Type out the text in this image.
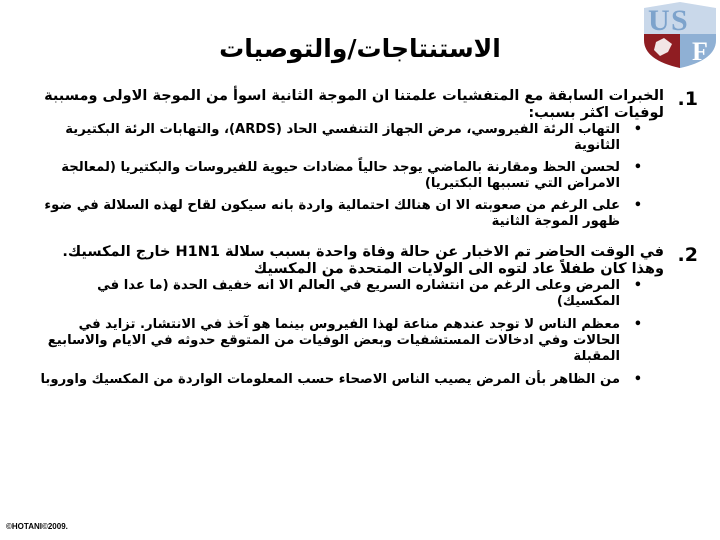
U S
F
الاستنتاجات/والتوصيات
1.
الخبرات السابقة مع المتفشيات علمتنا ان الموجة الثانية اسوأ من الموجة الاولى ومسببة لوفيات اكثر بسبب:
• التهاب الرئة الفيروسي، مرض الجهاز التنفسي الحاد (ARDS)، والتهابات الرئة البكتيرية الثانوية
• لحسن الحظ ومقارنة بالماضي يوجد حالياً مضادات حيوية للفيروسات والبكتيريا (لمعالجة الامراض التي تسببها البكتيريا)
• على الرغم من صعوبته الا ان هنالك احتمالية واردة بانه سيكون لقاح لهذه السلالة في ضوء ظهور الموجة الثانية
2.
في الوقت الحاضر تم الاخبار عن حالة وفاة واحدة بسبب سلالة H1N1 خارج المكسيك. وهذا كان طفلاً عاد لتوه الى الولايات المتحدة من المكسيك
• المرض وعلى الرغم من انتشاره السريع في العالم الا انه خفيف الحدة (ما عدا في المكسيك)
• معظم الناس لا توجد عندهم مناعة لهذا الفيروس بينما هو آخذ في الانتشار. تزايد في الحالات وفي ادخالات المستشفيات وبعض الوفيات من المتوقع حدوثه في الايام والاسابيع المقبلة
• من الظاهر بأن المرض يصيب الناس الاصحاء حسب المعلومات الواردة من المكسيك واوروبا
©HOTANI©2009.
